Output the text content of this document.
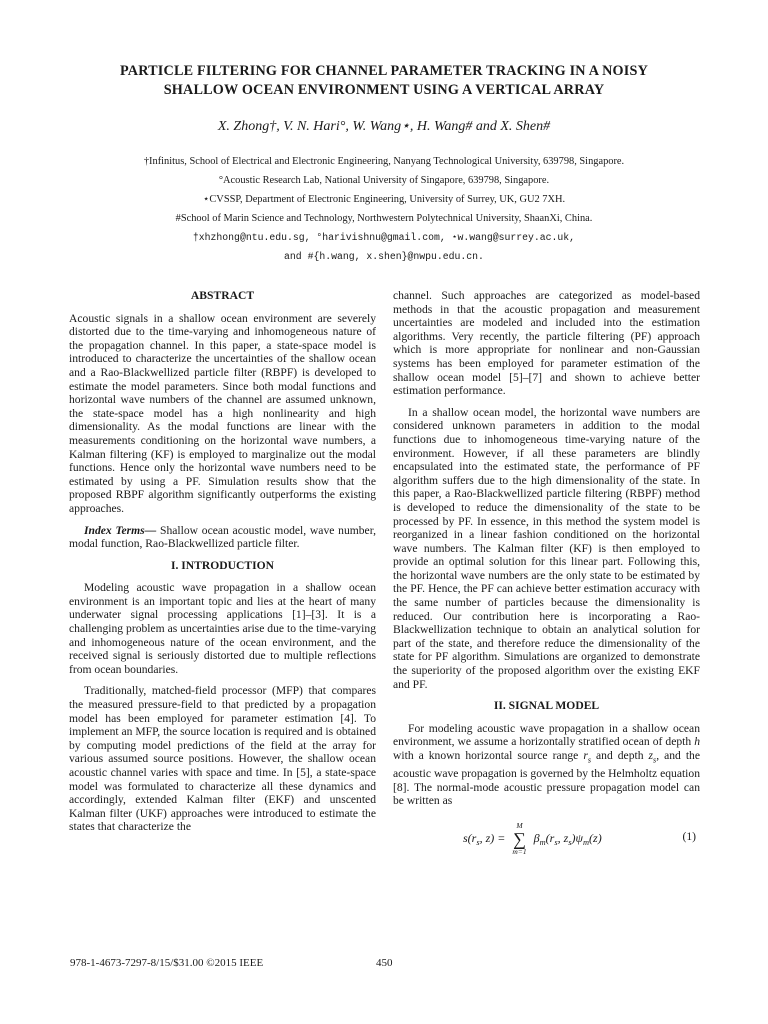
PARTICLE FILTERING FOR CHANNEL PARAMETER TRACKING IN A NOISY
SHALLOW OCEAN ENVIRONMENT USING A VERTICAL ARRAY
X. Zhong†, V. N. Hari°, W. Wang⋆, H. Wang# and X. Shen#
†Infinitus, School of Electrical and Electronic Engineering, Nanyang Technological University, 639798, Singapore.
°Acoustic Research Lab, National University of Singapore, 639798, Singapore.
⋆CVSSP, Department of Electronic Engineering, University of Surrey, UK, GU2 7XH.
#School of Marin Science and Technology, Northwestern Polytechnical University, ShaanXi, China.
†xhzhong@ntu.edu.sg, °harivishnu@gmail.com, ⋆w.wang@surrey.ac.uk,
and #{h.wang, x.shen}@nwpu.edu.cn.
ABSTRACT

Acoustic signals in a shallow ocean environment are severely distorted due to the time-varying and inhomogeneous nature of the propagation channel. In this paper, a state-space model is introduced to characterize the uncertainties of the shallow ocean and a Rao-Blackwellized particle filter (RBPF) is developed to estimate the model parameters. Since both modal functions and horizontal wave numbers of the channel are assumed unknown, the state-space model has a high nonlinearity and high dimensionality. As the modal functions are linear with the measurements conditioning on the horizontal wave numbers, a Kalman filtering (KF) is employed to marginalize out the modal functions. Hence only the horizontal wave numbers need to be estimated by using a PF. Simulation results show that the proposed RBPF algorithm significantly outperforms the existing approaches.

Index Terms— Shallow ocean acoustic model, wave number, modal function, Rao-Blackwellized particle filter.

I. INTRODUCTION

Modeling acoustic wave propagation in a shallow ocean environment is an important topic and lies at the heart of many underwater signal processing applications [1]–[3]. It is a challenging problem as uncertainties arise due to the time-varying and inhomogeneous nature of the ocean environment, and the received signal is seriously distorted due to multiple reflections from ocean boundaries.

Traditionally, matched-field processor (MFP) that compares the measured pressure-field to that predicted by a propagation model has been employed for parameter estimation [4]. To implement an MFP, the source location is required and is obtained by computing model predictions of the field at the array for various assumed source positions. However, the shallow ocean acoustic channel varies with space and time. In [5], a state-space model was formulated to characterize all these dynamics and accordingly, extended Kalman filter (EKF) and unscented Kalman filter (UKF) approaches were introduced to estimate the states that characterize the

channel. Such approaches are categorized as model-based methods in that the acoustic propagation and measurement uncertainties are modeled and included into the estimation algorithms. Very recently, the particle filtering (PF) approach which is more appropriate for nonlinear and non-Gaussian systems has been employed for parameter estimation of the shallow ocean model [5]–[7] and shown to achieve better estimation performance.

In a shallow ocean model, the horizontal wave numbers are considered unknown parameters in addition to the modal functions due to inhomogeneous time-varying nature of the environment. However, if all these parameters are blindly encapsulated into the estimated state, the performance of PF algorithm suffers due to the high dimensionality of the state. In this paper, a Rao-Blackwellized particle filtering (RBPF) method is developed to reduce the dimensionality of the state to be processed by PF. In essence, in this method the system model is reorganized in a linear fashion conditioned on the horizontal wave numbers. The Kalman filter (KF) is then employed to provide an optimal solution for this linear part. Following this, the horizontal wave numbers are the only state to be estimated by the PF. Hence, the PF can achieve better estimation accuracy with the same number of particles because the dimensionality is reduced. Our contribution here is incorporating a Rao-Blackwellization technique to obtain an analytical solution for part of the state, and therefore reduce the dimensionality of the state for PF algorithm. Simulations are organized to demonstrate the superiority of the proposed algorithm over the existing EKF and PF.

II. SIGNAL MODEL

For modeling acoustic wave propagation in a shallow ocean environment, we assume a horizontally stratified ocean of depth h with a known horizontal source range $r_s$ and depth $z_s$, and the acoustic wave propagation is governed by the Helmholtz equation [8]. The normal-mode acoustic pressure propagation model can be written as

$s(r_s$, z) =
M
∑
m=1
$\beta_m(r_s$, $z_s)\psi_m(z)$	(1)
978-1-4673-7297-8/15/$31.00 ©2015 IEEE	450
